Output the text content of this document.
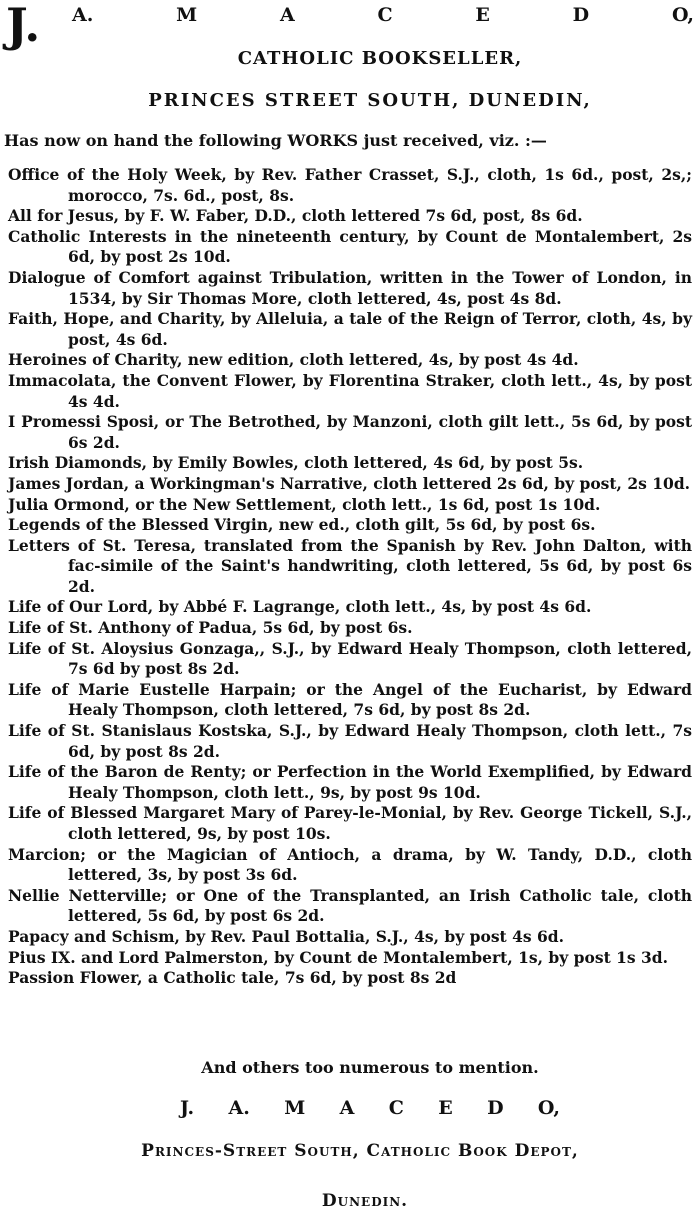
J. A.	M	A	C	E	D	O,
CATHOLIC BOOKSELLER,
PRINCES STREET SOUTH, DUNEDIN,
Has now on hand the following WORKS just received, viz. :—
Office of the Holy Week, by Rev. Father Crasset, S.J., cloth, 1s 6d., post, 2s,; morocco, 7s. 6d., post, 8s.
All for Jesus, by F. W. Faber, D.D., cloth lettered 7s 6d, post, 8s 6d.
Catholic Interests in the nineteenth century, by Count de Montalembert, 2s 6d, by post 2s 10d.
Dialogue of Comfort against Tribulation, written in the Tower of London, in 1534, by Sir Thomas More, cloth lettered, 4s, post 4s 8d.
Faith, Hope, and Charity, by Alleluia, a tale of the Reign of Terror, cloth, 4s, by post, 4s 6d.
Heroines of Charity, new edition, cloth lettered, 4s, by post 4s 4d.
Immacolata, the Convent Flower, by Florentina Straker, cloth lett., 4s, by post 4s 4d.
I Promessi Sposi, or The Betrothed, by Manzoni, cloth gilt lett., 5s 6d, by post 6s 2d.
Irish Diamonds, by Emily Bowles, cloth lettered, 4s 6d, by post 5s.
James Jordan, a Workingman's Narrative, cloth lettered 2s 6d, by post, 2s 10d.
Julia Ormond, or the New Settlement, cloth lett., 1s 6d, post 1s 10d.
Legends of the Blessed Virgin, new ed., cloth gilt, 5s 6d, by post 6s.
Letters of St. Teresa, translated from the Spanish by Rev. John Dalton, with fac-simile of the Saint's handwriting, cloth lettered, 5s 6d, by post 6s 2d.
Life of Our Lord, by Abbé F. Lagrange, cloth lett., 4s, by post 4s 6d.
Life of St. Anthony of Padua, 5s 6d, by post 6s.
Life of St. Aloysius Gonzaga,, S.J., by Edward Healy Thompson, cloth lettered, 7s 6d by post 8s 2d.
Life of Marie Eustelle Harpain; or the Angel of the Eucharist, by Edward Healy Thompson, cloth lettered, 7s 6d, by post 8s 2d.
Life of St. Stanislaus Kostska, S.J., by Edward Healy Thompson, cloth lett., 7s 6d, by post 8s 2d.
Life of the Baron de Renty; or Perfection in the World Exemplified, by Edward Healy Thompson, cloth lett., 9s, by post 9s 10d.
Life of Blessed Margaret Mary of Parey-le-Monial, by Rev. George Tickell, S.J., cloth lettered, 9s, by post 10s.
Marcion; or the Magician of Antioch, a drama, by W. Tandy, D.D., cloth lettered, 3s, by post 3s 6d.
Nellie Netterville; or One of the Transplanted, an Irish Catholic tale, cloth lettered, 5s 6d, by post 6s 2d.
Papacy and Schism, by Rev. Paul Bottalia, S.J., 4s, by post 4s 6d.
Pius IX. and Lord Palmerston, by Count de Montalembert, 1s, by post 1s 3d.
Passion Flower, a Catholic tale, 7s 6d, by post 8s 2d
And others too numerous to mention.
J. A. M A C E D O,
Princes-Street South, Catholic Book Depot,
Dunedin.
